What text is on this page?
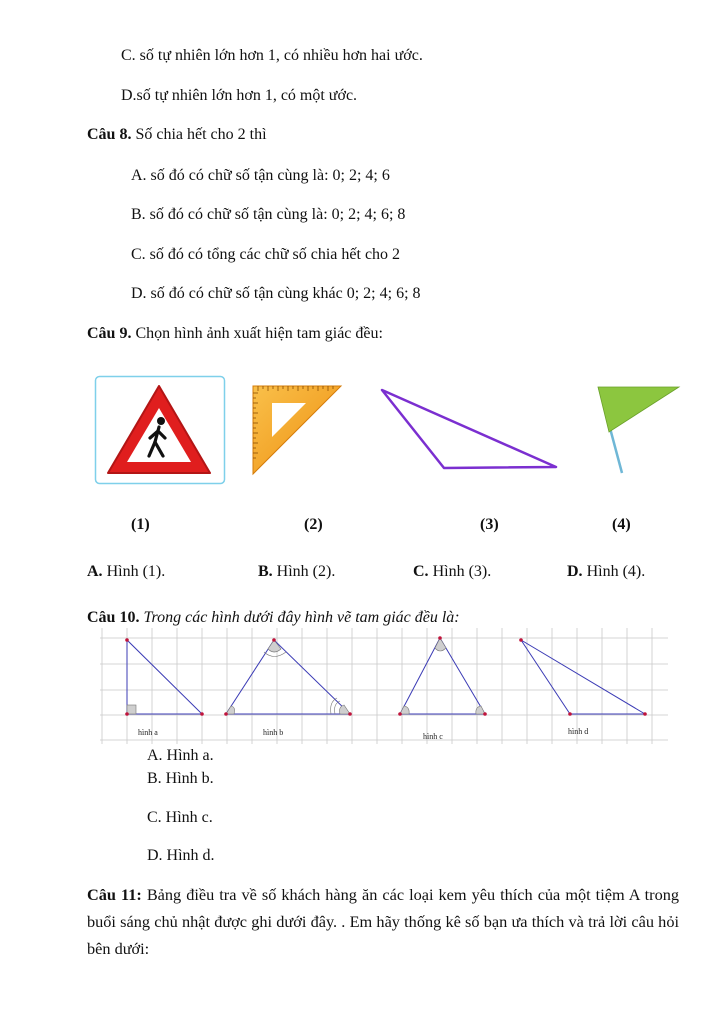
C. số tự nhiên lớn hơn 1, có nhiều hơn hai ước.
D.số tự nhiên lớn hơn 1, có một ước.
Câu 8. Số chia hết cho 2 thì
A. số đó có chữ số tận cùng là: 0; 2; 4; 6
B. số đó có chữ số tận cùng là: 0; 2; 4; 6; 8
C. số đó có tổng các chữ số chia hết cho 2
D. số đó có chữ số tận cùng khác 0; 2; 4; 6; 8
Câu 9. Chọn hình ảnh xuất hiện tam giác đều:
(1)	(2)	(3)	(4)
A. Hình (1).	B. Hình (2).	C. Hình (3).	D. Hình (4).
Câu 10. Trong các hình dưới đây hình vẽ tam giác đều là:
hình a	hình b	hình c
hình d
A. Hình a.
B. Hình b.
C. Hình c.
D. Hình d.
Câu 11: Bảng điều tra về số khách hàng ăn các loại kem yêu thích của một tiệm A trong buổi sáng chủ nhật được ghi dưới đây. . Em hãy thống kê số bạn ưa thích và trả lời câu hỏi bên dưới:
